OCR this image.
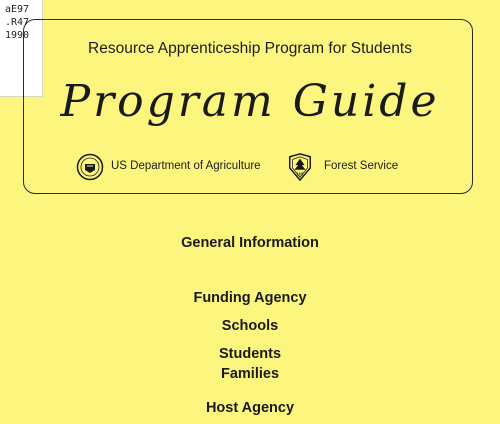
aE97
.R47
1990
Resource Apprenticeship Program for Students
Program Guide
US Department of Agriculture
US
Forest Service
General Information
Funding Agency
Schools
Students
Families
Host Agency
